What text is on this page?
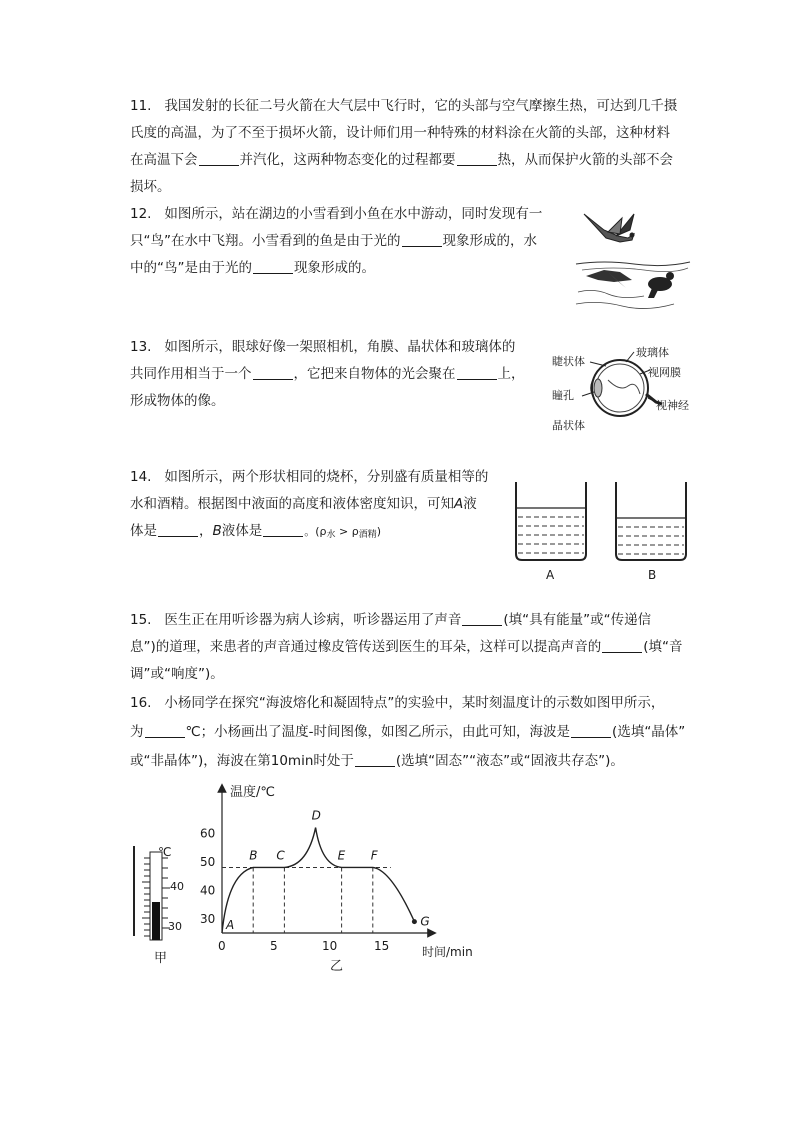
11. 我国发射的长征二号火箭在大气层中飞行时，它的头部与空气摩擦生热，可达到几千摄
氏度的高温，为了不至于损坏火箭，设计师们用一种特殊的材料涂在火箭的头部，这种材料
在高温下会	并汽化，这两种物态变化的过程都要	热，从而保护火箭的头部不会
损坏。
12. 如图所示，站在湖边的小雪看到小鱼在水中游动，同时发现有一
只“鸟”在水中飞翔。小雪看到的鱼是由于光的	现象形成的，水
中的“鸟”是由于光的	现象形成的。
13. 如图所示，眼球好像一架照相机，角膜、晶状体和玻璃体的
共同作用相当于一个	，它把来自物体的光会聚在	上，
形成物体的像。
睫状体
玻璃体
视网膜
瞳孔
视神经
晶状体
14. 如图所示，两个形状相同的烧杯，分别盛有质量相等的
水和酒精。根据图中液面的高度和液体密度知识，可知A液
体是	，B液体是	。$(\rho_水 > \rho_{酒精})$
A	B
15. 医生正在用听诊器为病人诊病，听诊器运用了声音	(填“具有能量”或“传递信
息”)的道理，来患者的声音通过橡皮管传送到医生的耳朵，这样可以提高声音的	(填“音
调”或“响度”)。
16. 小杨同学在探究“海波熔化和凝固特点”的实验中，某时刻温度计的示数如图甲所示，
为	℃；小杨画出了温度-时间图像，如图乙所示，由此可知，海波是	(选填“晶体”
或“非晶体”)，海波在第10min时处于	(选填“固态”“液态”或“固液共存态”)。
℃
40
30
甲
温度/℃
时间/min
乙
30
40
50
60
0	5	10	15
A
B C
D
E F
G
